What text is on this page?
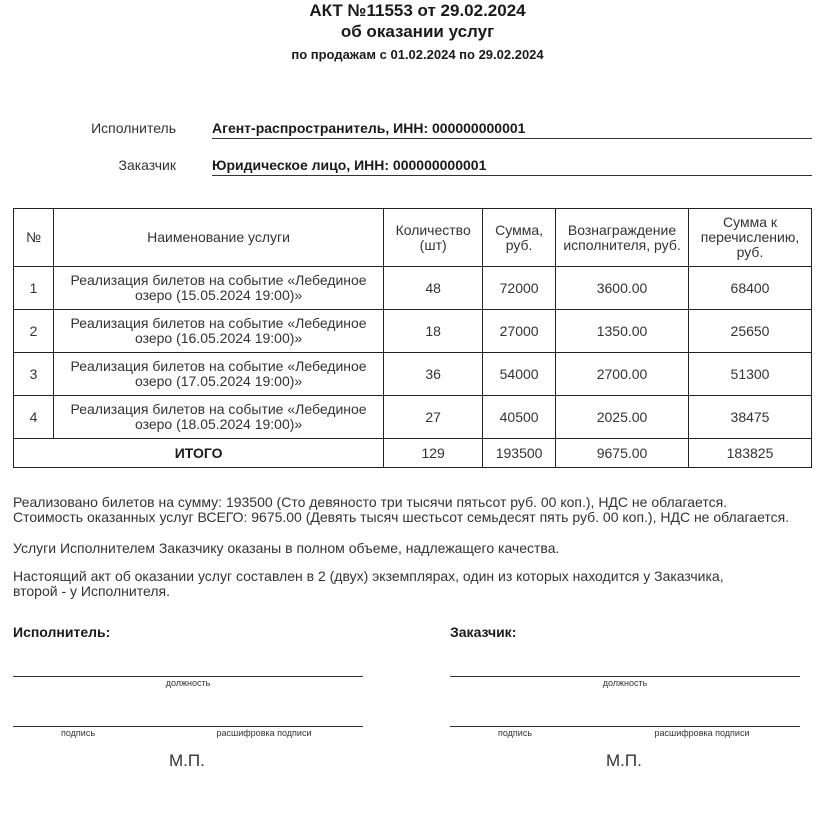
АКТ №11553 от 29.02.2024
об оказании услуг
по продажам с 01.02.2024 по 29.02.2024
Исполнитель	Агент-распространитель, ИНН: 000000000001
Заказчик	Юридическое лицо, ИНН: 000000000001
№	Наименование услуги	Количество (шт)	Сумма, руб.	Вознаграждение исполнителя, руб.	Сумма к перечислению, руб.
1	Реализация билетов на событие «Лебединое озеро (15.05.2024 19:00)»	48	72000	3600.00	68400
2	Реализация билетов на событие «Лебединое озеро (16.05.2024 19:00)»	18	27000	1350.00	25650
3	Реализация билетов на событие «Лебединое озеро (17.05.2024 19:00)»	36	54000	2700.00	51300
4	Реализация билетов на событие «Лебединое озеро (18.05.2024 19:00)»	27	40500	2025.00	38475
ИТОГО		129	193500	9675.00	183825
Реализовано билетов на сумму: 193500 (Сто девяносто три тысячи пятьсот руб. 00 коп.), НДС не облагается.
Стоимость оказанных услуг ВСЕГО: 9675.00 (Девять тысяч шестьсот семьдесят пять руб. 00 коп.), НДС не облагается.
Услуги Исполнителем Заказчику оказаны в полном объеме, надлежащего качества.
Настоящий акт об оказании услуг составлен в 2 (двух) экземплярах, один из которых находится у Заказчика,
второй - у Исполнителя.
Исполнитель:
должность
подпись	расшифровка подписи
М.П.
Заказчик:
должность
подпись	расшифровка подписи
М.П.
